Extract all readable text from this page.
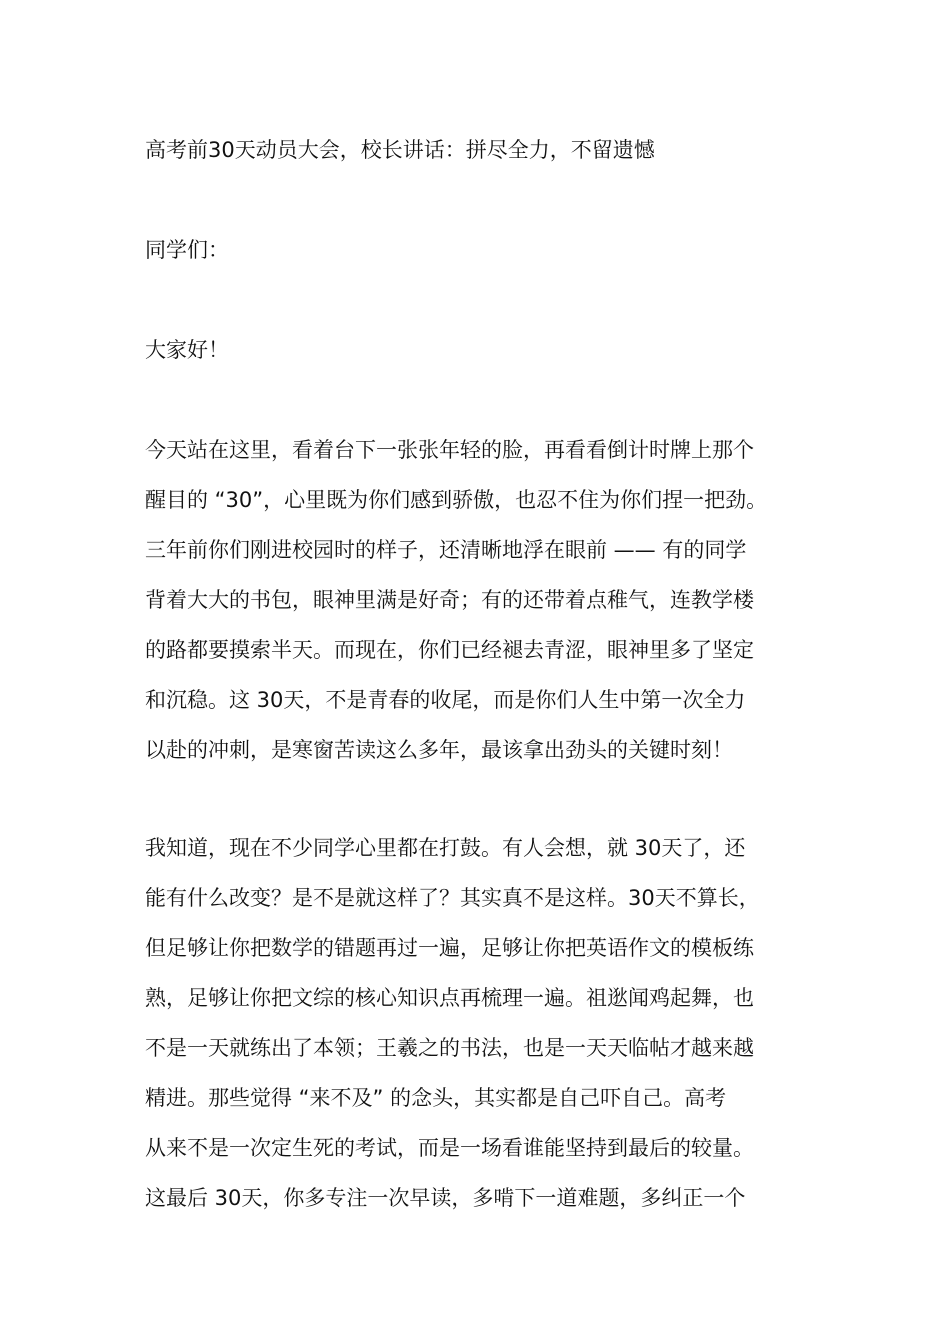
高考前30天动员大会，校长讲话：拼尽全力，不留遗憾
同学们：
大家好！
今天站在这里，看着台下一张张年轻的脸，再看看倒计时牌上那个
醒目的 “30”，心里既为你们感到骄傲，也忍不住为你们捏一把劲。
三年前你们刚进校园时的样子，还清晰地浮在眼前 —— 有的同学
背着大大的书包，眼神里满是好奇；有的还带着点稚气，连教学楼
的路都要摸索半天。而现在，你们已经褪去青涩，眼神里多了坚定
和沉稳。这 30天，不是青春的收尾，而是你们人生中第一次全力
以赴的冲刺，是寒窗苦读这么多年，最该拿出劲头的关键时刻！
我知道，现在不少同学心里都在打鼓。有人会想，就 30天了，还
能有什么改变？是不是就这样了？其实真不是这样。30天不算长，
但足够让你把数学的错题再过一遍，足够让你把英语作文的模板练
熟，足够让你把文综的核心知识点再梳理一遍。祖逖闻鸡起舞，也
不是一天就练出了本领；王羲之的书法，也是一天天临帖才越来越
精进。那些觉得 “来不及” 的念头，其实都是自己吓自己。高考
从来不是一次定生死的考试，而是一场看谁能坚持到最后的较量。
这最后 30天，你多专注一次早读，多啃下一道难题，多纠正一个
